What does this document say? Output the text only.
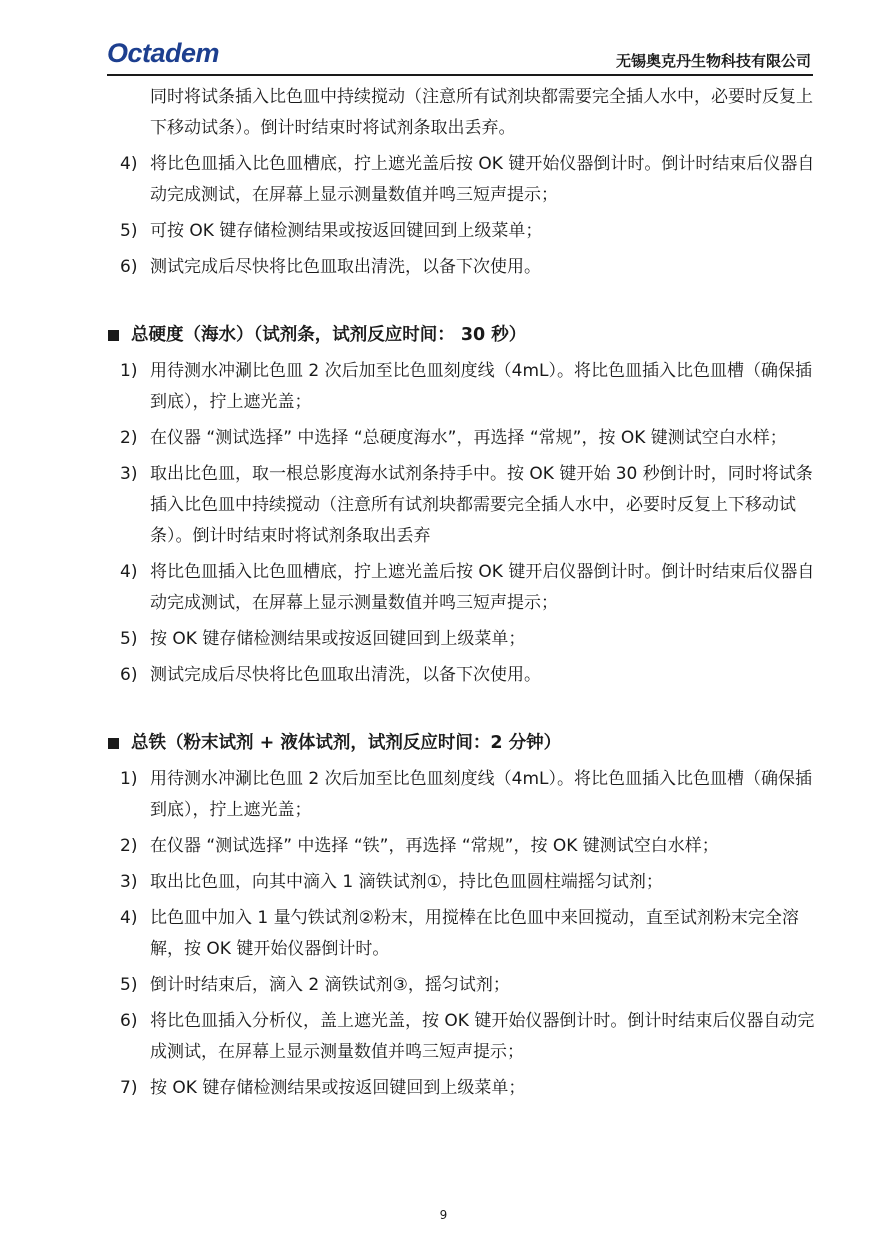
Octadem	无锡奥克丹生物科技有限公司

同时将试条插入比色皿中持续搅动（注意所有试剂块都需要完全插人水中，必要时反复上下移动试条）。倒计时结束时将试剂条取出丢弃。

4) 将比色皿插入比色皿槽底，拧上遮光盖后按 OK 键开始仪器倒计时。倒计时结束后仪器自动完成测试，在屏幕上显示测量数值并鸣三短声提示；
5) 可按 OK 键存储检测结果或按返回键回到上级菜单；
6) 测试完成后尽快将比色皿取出清洗，以备下次使用。
总硬度（海水）（试剂条，试剂反应时间： 30 秒）
1) 用待测水冲涮比色皿 2 次后加至比色皿刻度线（4mL）。将比色皿插入比色皿槽（确保插到底），拧上遮光盖；
2) 在仪器 “测试选择” 中选择 “总硬度海水”，再选择 “常规”，按 OK 键测试空白水样；
3) 取出比色皿，取一根总影度海水试剂条持手中。按 OK 键开始 30 秒倒计时，同时将试条插入比色皿中持续搅动（注意所有试剂块都需要完全插人水中，必要时反复上下移动试条）。倒计时结束时将试剂条取出丢弃
4) 将比色皿插入比色皿槽底，拧上遮光盖后按 OK 键开启仪器倒计时。倒计时结束后仪器自动完成测试，在屏幕上显示测量数值并鸣三短声提示；
5) 按 OK 键存储检测结果或按返回键回到上级菜单；
6) 测试完成后尽快将比色皿取出清洗，以备下次使用。
总铁（粉末试剂 + 液体试剂，试剂反应时间：2 分钟）
1) 用待测水冲涮比色皿 2 次后加至比色皿刻度线（4mL）。将比色皿插入比色皿槽（确保插到底），拧上遮光盖；
2) 在仪器 “测试选择” 中选择 “铁”，再选择 “常规”，按 OK 键测试空白水样；
3) 取出比色皿，向其中滴入 1 滴铁试剂①，持比色皿圆柱端摇匀试剂；
4) 比色皿中加入 1 量勺铁试剂②粉末，用搅棒在比色皿中来回搅动，直至试剂粉末完全溶解，按 OK 键开始仪器倒计时。
5) 倒计时结束后，滴入 2 滴铁试剂③，摇匀试剂；
6) 将比色皿插入分析仪，盖上遮光盖，按 OK 键开始仪器倒计时。倒计时结束后仪器自动完成测试，在屏幕上显示测量数值并鸣三短声提示；
7) 按 OK 键存储检测结果或按返回键回到上级菜单；
9
